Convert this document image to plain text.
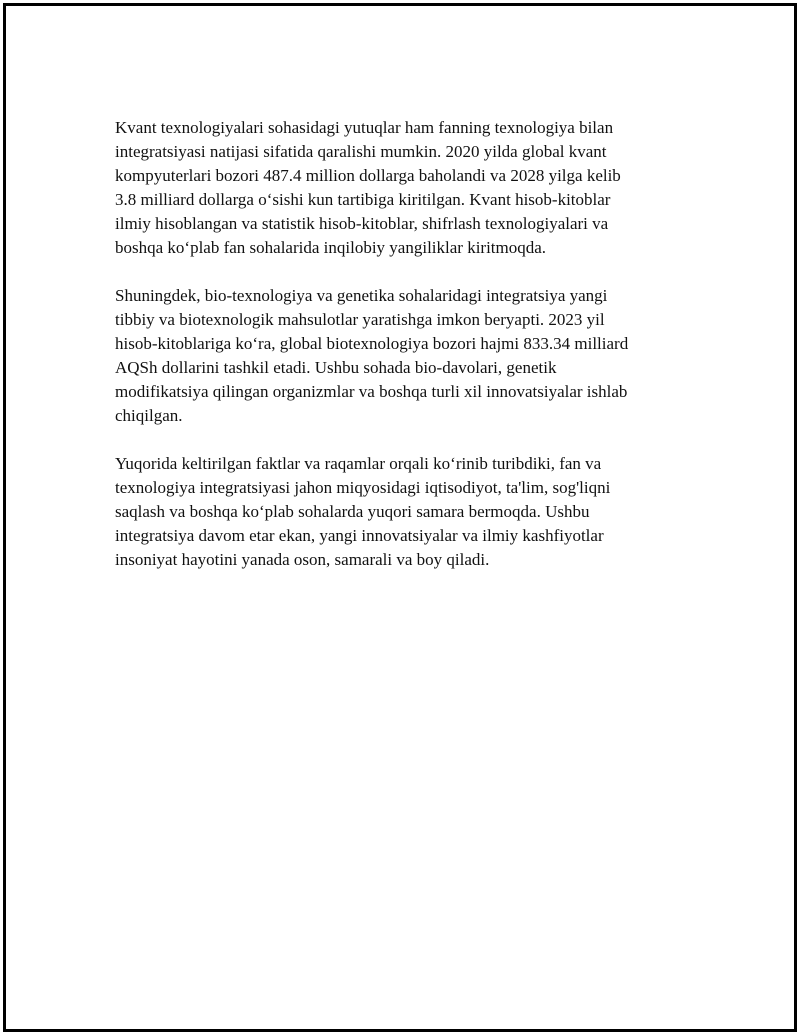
Kvant texnologiyalari sohasidagi yutuqlar ham fanning texnologiya bilan
integratsiyasi natijasi sifatida qaralishi mumkin. 2020 yilda global kvant
kompyuterlari bozori 487.4 million dollarga baholandi va 2028 yilga kelib
3.8 milliard dollarga oʻsishi kun tartibiga kiritilgan. Kvant hisob-kitoblar
ilmiy hisoblangan va statistik hisob-kitoblar, shifrlash texnologiyalari va
boshqa koʻplab fan sohalarida inqilobiy yangiliklar kiritmoqda.

Shuningdek, bio-texnologiya va genetika sohalaridagi integratsiya yangi
tibbiy va biotexnologik mahsulotlar yaratishga imkon beryapti. 2023 yil
hisob-kitoblariga koʻra, global biotexnologiya bozori hajmi 833.34 milliard
AQSh dollarini tashkil etadi. Ushbu sohada bio-davolari, genetik
modifikatsiya qilingan organizmlar va boshqa turli xil innovatsiyalar ishlab
chiqilgan.

Yuqorida keltirilgan faktlar va raqamlar orqali koʻrinib turibdiki, fan va
texnologiya integratsiyasi jahon miqyosidagi iqtisodiyot, ta'lim, sog'liqni
saqlash va boshqa koʻplab sohalarda yuqori samara bermoqda. Ushbu
integratsiya davom etar ekan, yangi innovatsiyalar va ilmiy kashfiyotlar
insoniyat hayotini yanada oson, samarali va boy qiladi.
